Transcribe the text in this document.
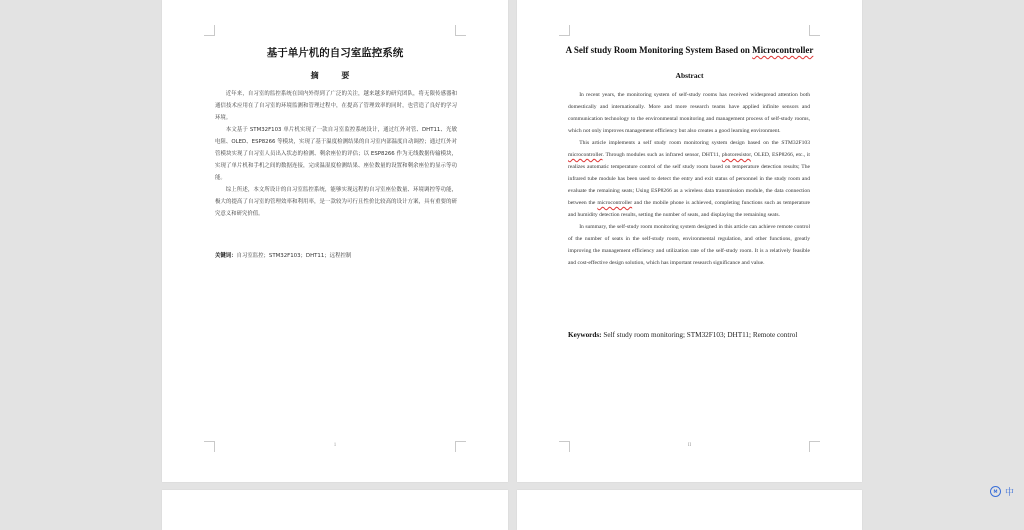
基于单片机的自习室监控系统
摘 要

近年来，自习室的监控系统在国内外得到了广泛的关注，越来越多的研究团队，将无限传感器和通信技术应用在了自习室的环境监测和管理过程中，在提高了管理效率的同时，也营造了良好的学习环境。

本文基于 STM32F103 单片机实现了一款自习室监控系统设计，通过红外对管、DHT11、光敏电阻、OLED、ESP8266 等模块，实现了基于温度检测结果的自习室内部温度自动调控；通过红外对管模块实现了自习室人员出入状态的检测、剩余座位的评估；以 ESP8266 作为无线数据传输模块，实现了单片机和手机之间的数据连接，完成温湿度检测结果、座位数量的设置和剩余座位的显示等功能。

综上所述，本文所设计的自习室监控系统，能够实现远程的自习室座位数量、环境调控等功能，极大的提高了自习室的管理效率和利用率，是一款较为可行且性价比较高的设计方案，具有重要的研究意义和研究价值。

关键词：自习室监控；STM32F103；DHT11；远程控制
1
A Self study Room Monitoring System Based on Microcontroller
Abstract

In recent years, the monitoring system of self-study rooms has received widespread attention both domestically and internationally. More and more research teams have applied infinite sensors and communication technology to the environmental monitoring and management process of self-study rooms, which not only improves management efficiency but also creates a good learning environment.

This article implements a self study room monitoring system design based on the STM32F103 microcontroller. Through modules such as infrared sensor, DHT11, photoresistor, OLED, ESP8266, etc., it realizes automatic temperature control of the self study room based on temperature detection results; The infrared tube module has been used to detect the entry and exit status of personnel in the study room and evaluate the remaining seats; Using ESP8266 as a wireless data transmission module, the data connection between the microcontroller and the mobile phone is achieved, completing functions such as temperature and humidity detection results, setting the number of seats, and displaying the remaining seats.

In summary, the self-study room monitoring system designed in this article can achieve remote control of the number of seats in the self-study room, environmental regulation, and other functions, greatly improving the management efficiency and utilization rate of the self-study room. It is a relatively feasible and cost-effective design solution, which has important research significance and value.

Keywords: Self study room monitoring; STM32F103; DHT11; Remote control
II
M 中
